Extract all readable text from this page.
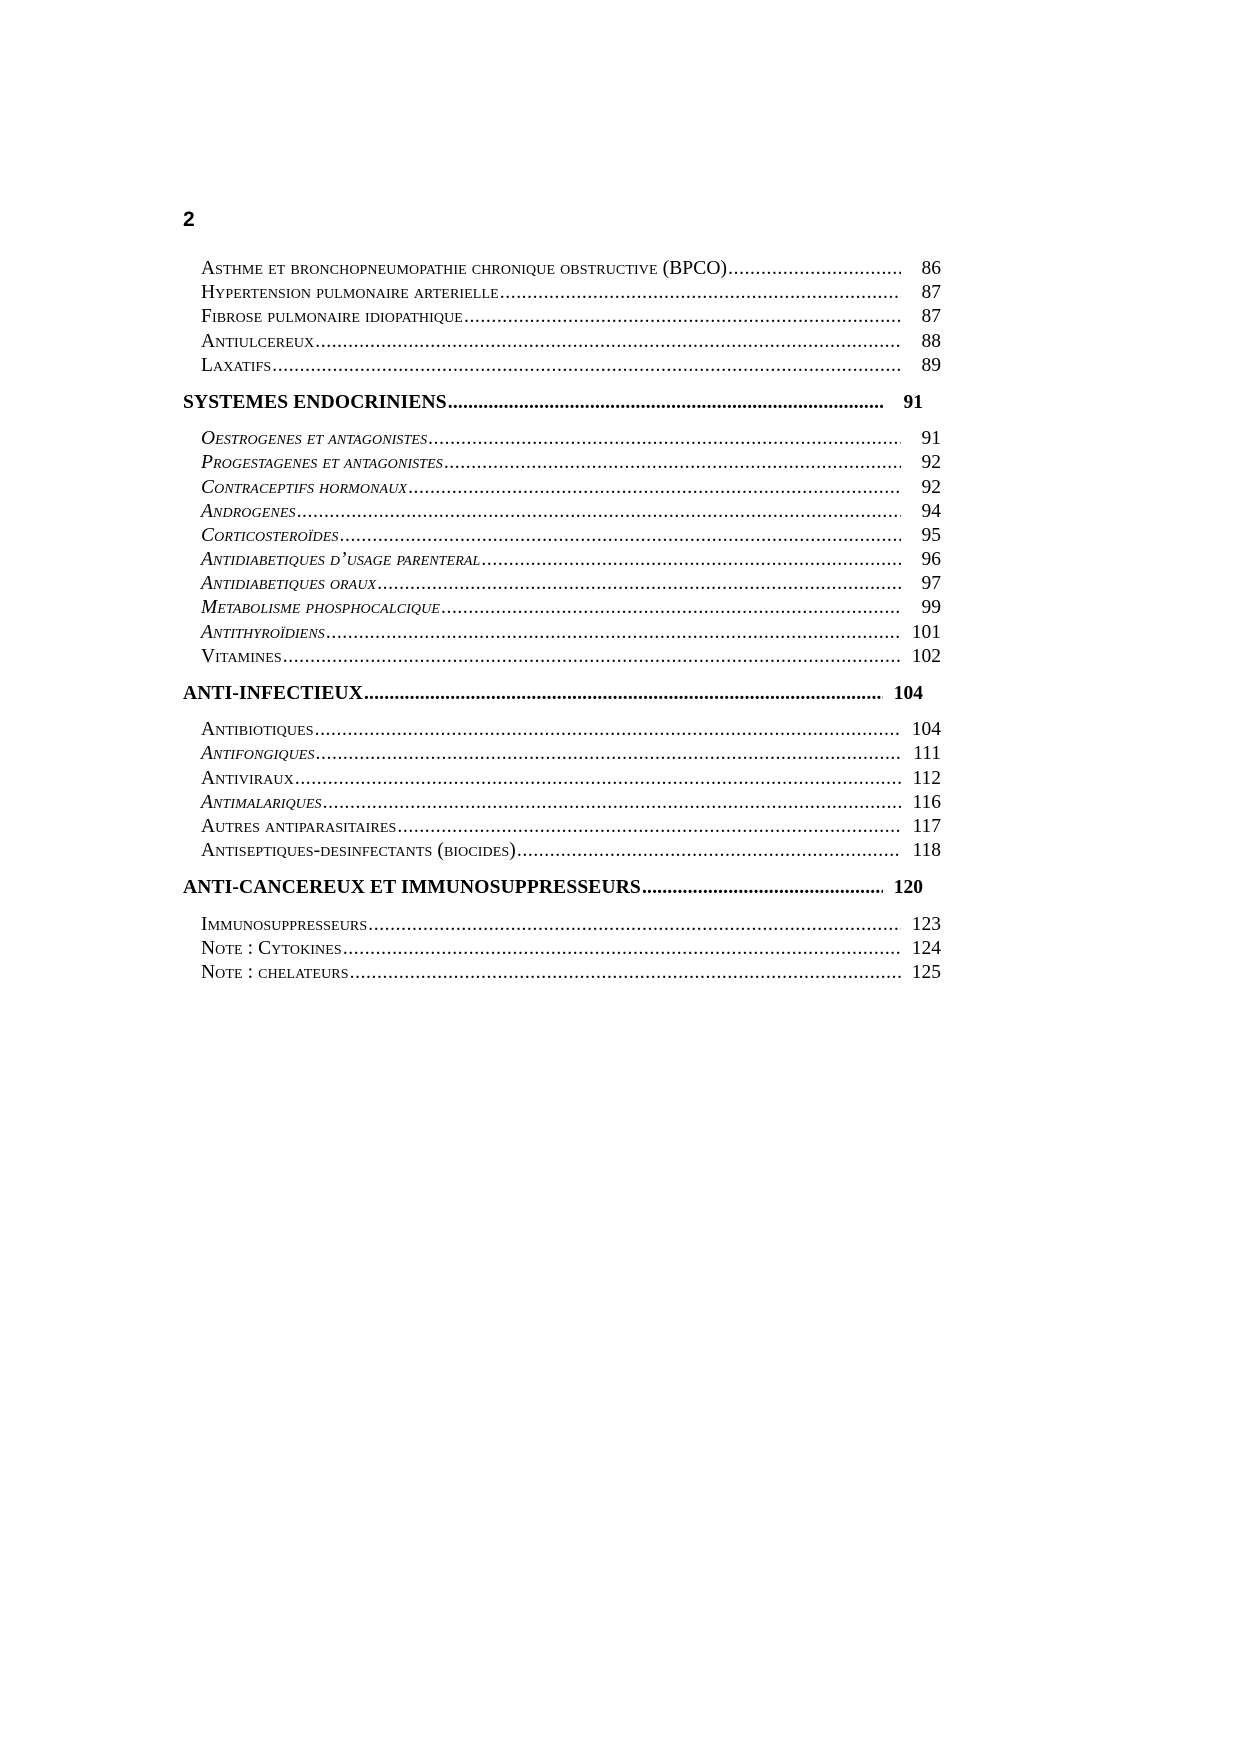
2
Asthme et bronchopneumopathie chronique obstructive (BPCO) .....	86
Hypertension pulmonaire arterielle .....	87
Fibrose pulmonaire idiopathique .....	87
Antiulcereux .....	88
Laxatifs .....	89
SYSTEMES ENDOCRINIENS .....	91
Oestrogenes et antagonistes .....	91
Progestagenes et antagonistes .....	92
Contraceptifs hormonaux .....	92
Androgenes .....	94
Corticosteroïdes .....	95
Antidiabetiques d’usage parenteral .....	96
Antidiabetiques oraux .....	97
Metabolisme phosphocalcique .....	99
Antithyroïdiens .....	101
Vitamines .....	102
ANTI-INFECTIEUX .....	104
Antibiotiques .....	104
Antifongiques .....	111
Antiviraux .....	112
Antimalariques .....	116
Autres antiparasitaires .....	117
Antiseptiques-desinfectants (biocides) .....	118
ANTI-CANCEREUX ET IMMUNOSUPPRESSEURS .....	120
Immunosuppresseurs .....	123
Note : Cytokines .....	124
Note : chelateurs .....	125
